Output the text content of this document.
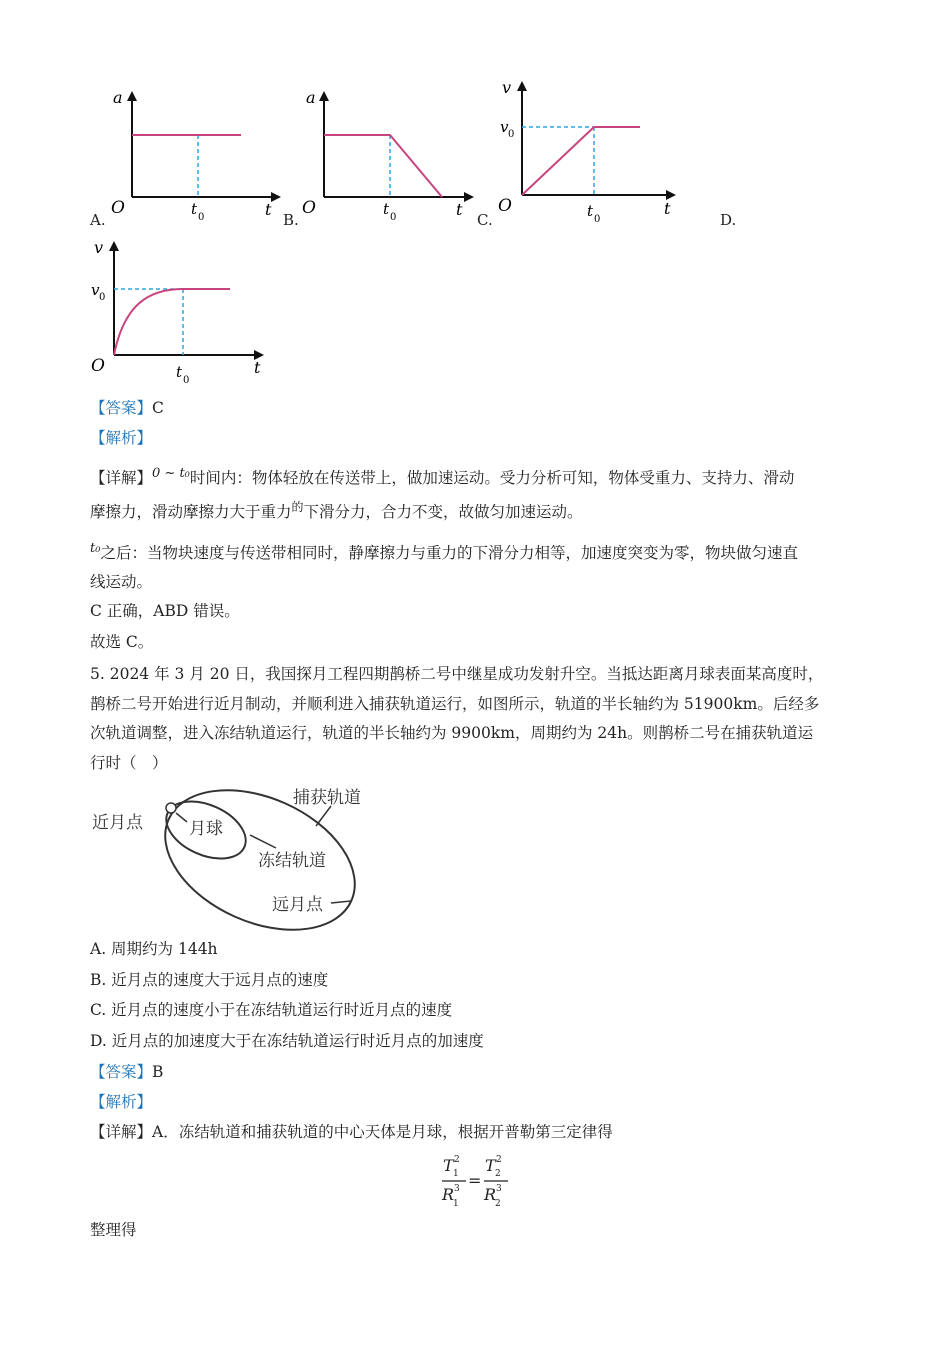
a
t
O	t 0
A.
a
t
O	t 0
B.
v
t
O
v 0
t 0
C.	D.
v
t
O
v 0
t 0
【答案】C
【解析】
【详解】$^{0 \sim t_0}$时间内：物体轻放在传送带上，做加速运动。受力分析可知，物体受重力、支持力、滑动
摩擦力，滑动摩擦力大于重力$^的$下滑分力，合力不变，故做匀加速运动。
$^{t_0}$之后：当物块速度与传送带相同时，静摩擦力与重力的下滑分力相等，加速度突变为零，物块做匀速直
线运动。
C 正确，ABD 错误。
故选 C。
5. 2024 年 3 月 20 日，我国探月工程四期鹊桥二号中继星成功发射升空。当抵达距离月球表面某高度时，
鹊桥二号开始进行近月制动，并顺利进入捕获轨道运行，如图所示，轨道的半长轴约为 51900km。后经多
次轨道调整，进入冻结轨道运行，轨道的半长轴约为 9900km，周期约为 24h。则鹊桥二号在捕获轨道运
行时（　）
近月点	月球
捕获轨道
冻结轨道
远月点
A. 周期约为 144h
B. 近月点的速度大于远月点的速度
C. 近月点的速度小于在冻结轨道运行时近月点的速度
D. 近月点的加速度大于在冻结轨道运行时近月点的加速度
【答案】B
【解析】
【详解】A．冻结轨道和捕获轨道的中心天体是月球，根据开普勒第三定律得
T 1
2
R
1
3 =
T 2
2
R
2
3
整理得
